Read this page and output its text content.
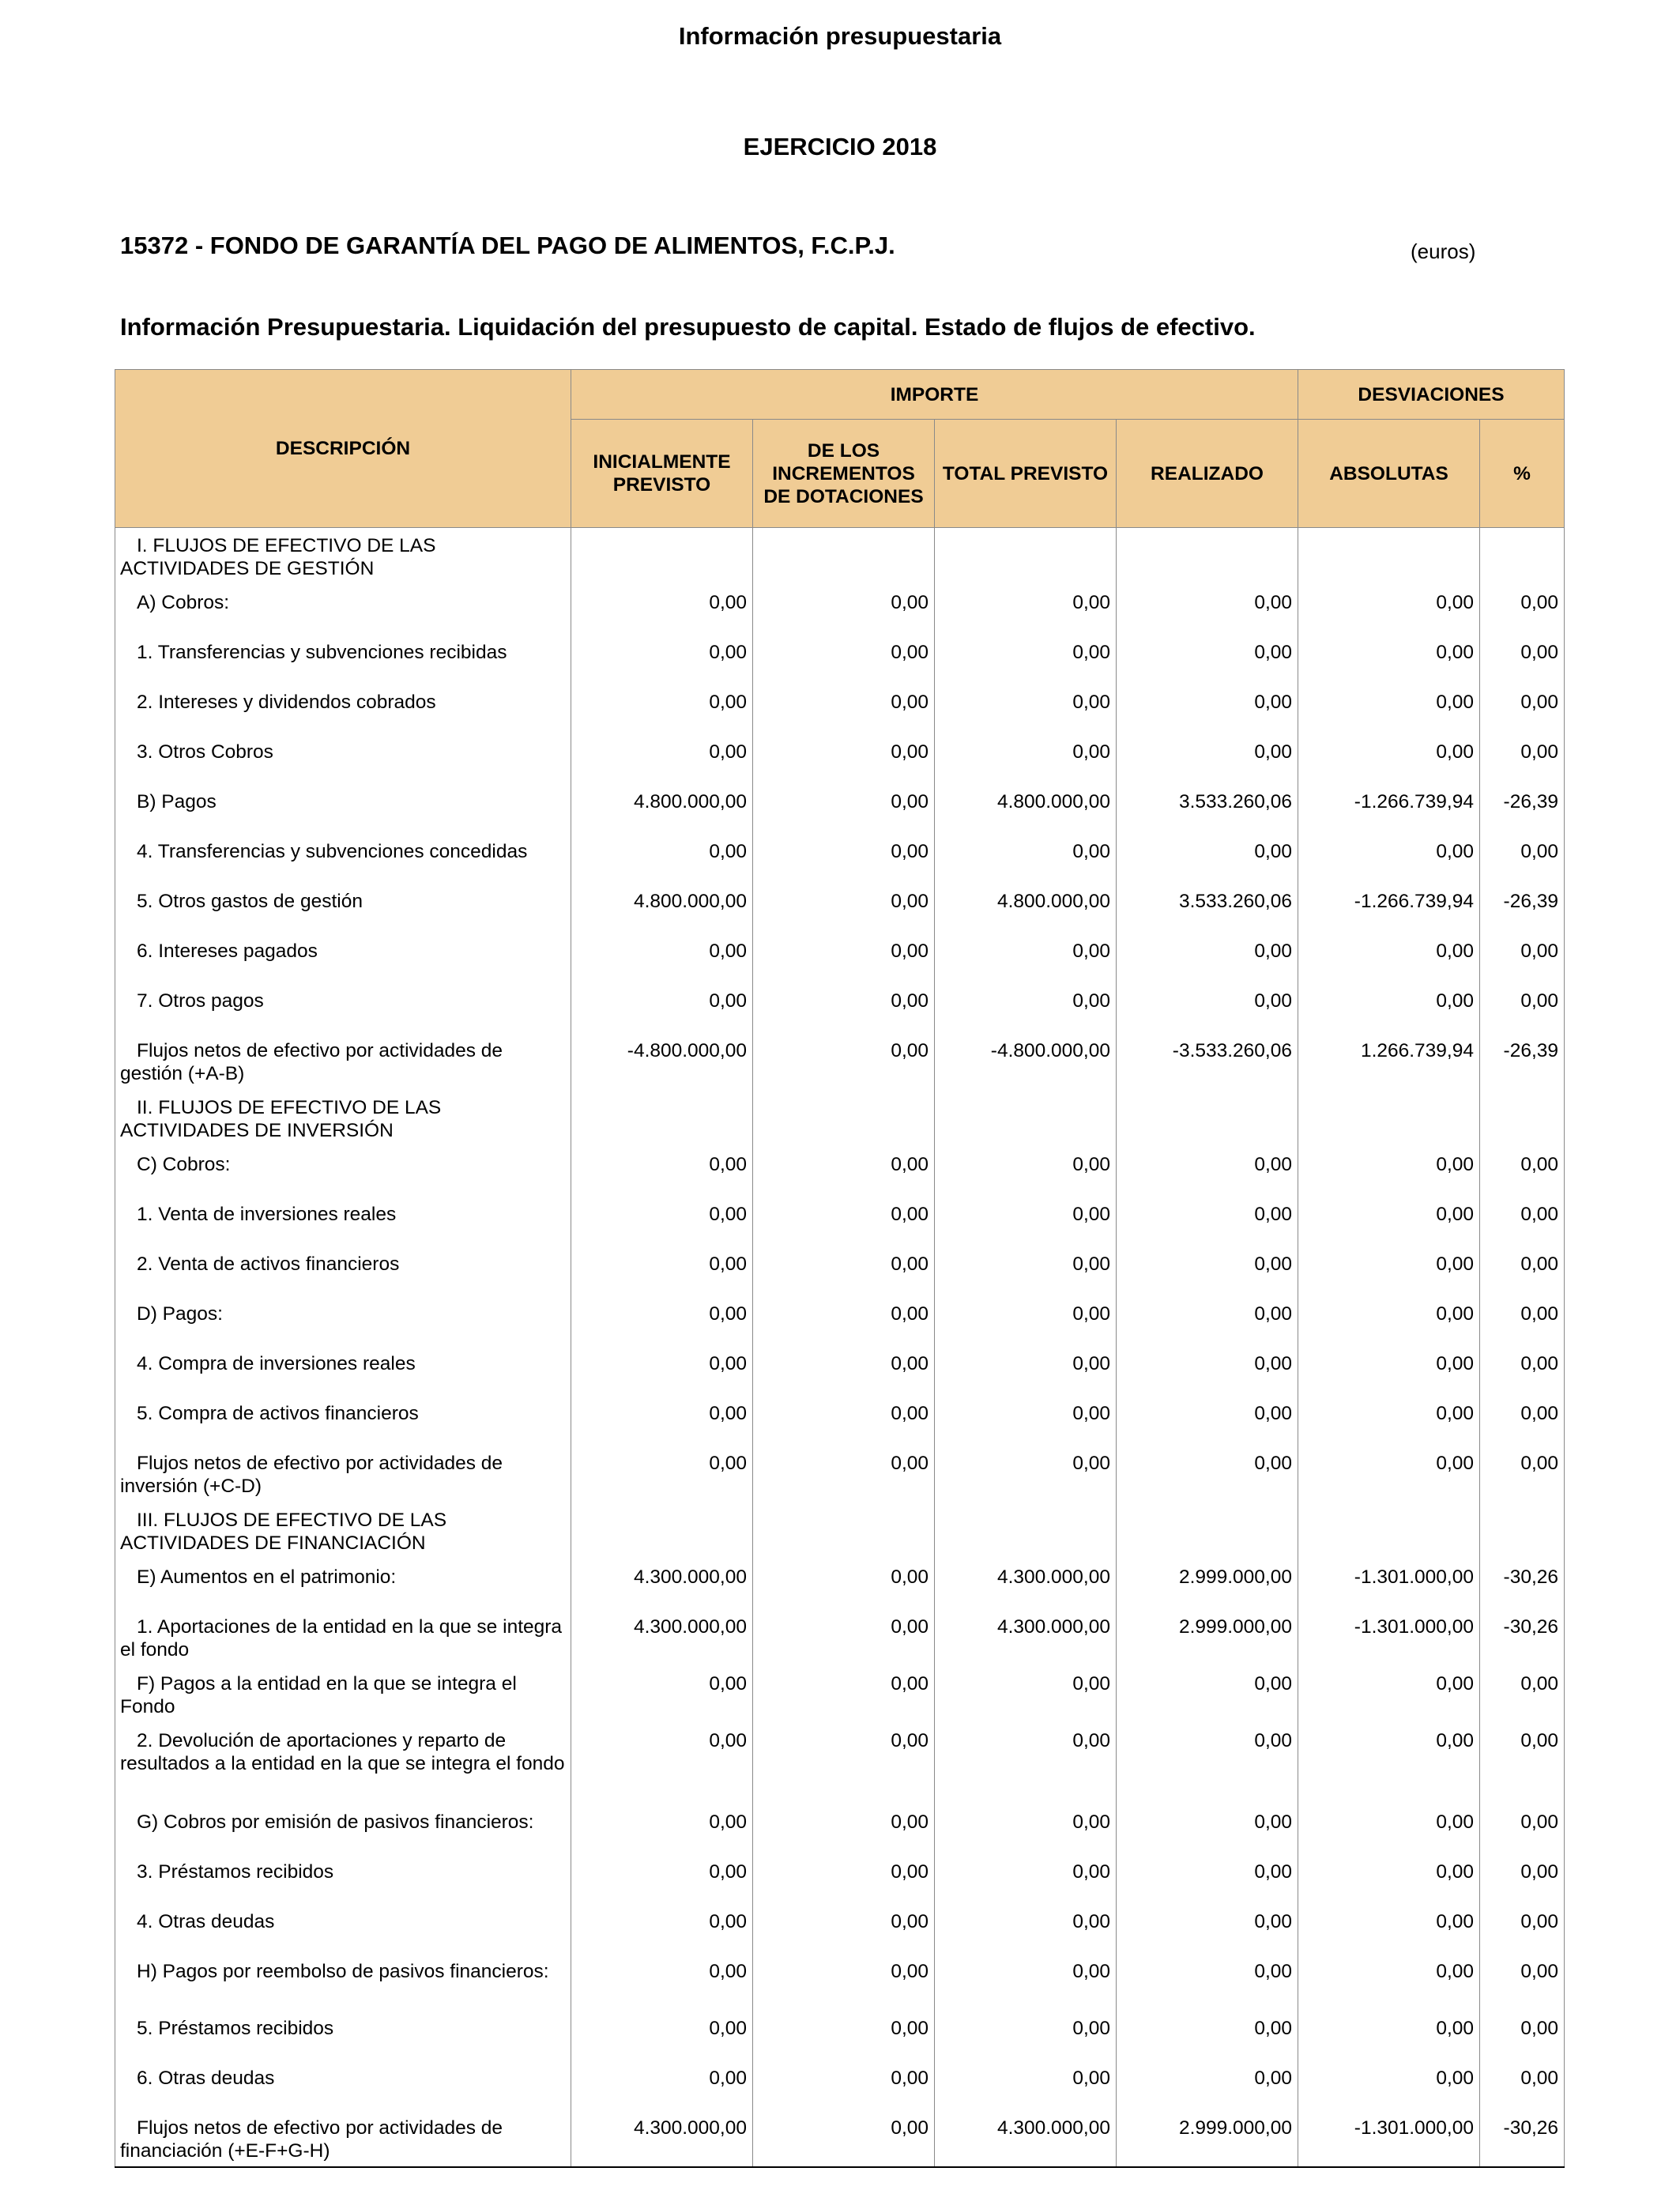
Información presupuestaria
EJERCICIO 2018
15372 - FONDO DE GARANTÍA DEL PAGO DE ALIMENTOS, F.C.P.J.	(euros)
Información Presupuestaria. Liquidación del presupuesto de capital. Estado de flujos de efectivo.
DESCRIPCIÓN	IMPORTE				DESVIACIONES	
	INICIALMENTE PREVISTO	DE LOS INCREMENTOS DE DOTACIONES	TOTAL PREVISTO	REALIZADO	ABSOLUTAS	%
I. FLUJOS DE EFECTIVO DE LAS ACTIVIDADES DE GESTIÓN						
A) Cobros:	0,00	0,00	0,00	0,00	0,00	0,00
1. Transferencias y subvenciones recibidas	0,00	0,00	0,00	0,00	0,00	0,00
2. Intereses y dividendos cobrados	0,00	0,00	0,00	0,00	0,00	0,00
3. Otros Cobros	0,00	0,00	0,00	0,00	0,00	0,00
B) Pagos	4.800.000,00	0,00	4.800.000,00	3.533.260,06	-1.266.739,94	-26,39
4. Transferencias y subvenciones concedidas	0,00	0,00	0,00	0,00	0,00	0,00
5. Otros gastos de gestión	4.800.000,00	0,00	4.800.000,00	3.533.260,06	-1.266.739,94	-26,39
6. Intereses pagados	0,00	0,00	0,00	0,00	0,00	0,00
7. Otros pagos	0,00	0,00	0,00	0,00	0,00	0,00
Flujos netos de efectivo por actividades de gestión (+A-B)	-4.800.000,00	0,00	-4.800.000,00	-3.533.260,06	1.266.739,94	-26,39
II. FLUJOS DE EFECTIVO DE LAS ACTIVIDADES DE INVERSIÓN						
C) Cobros:	0,00	0,00	0,00	0,00	0,00	0,00
1. Venta de inversiones reales	0,00	0,00	0,00	0,00	0,00	0,00
2. Venta de activos financieros	0,00	0,00	0,00	0,00	0,00	0,00
D) Pagos:	0,00	0,00	0,00	0,00	0,00	0,00
4. Compra de inversiones reales	0,00	0,00	0,00	0,00	0,00	0,00
5. Compra de activos financieros	0,00	0,00	0,00	0,00	0,00	0,00
Flujos netos de efectivo por actividades de inversión (+C-D)	0,00	0,00	0,00	0,00	0,00	0,00
III. FLUJOS DE EFECTIVO DE LAS ACTIVIDADES DE FINANCIACIÓN						
E) Aumentos en el patrimonio:	4.300.000,00	0,00	4.300.000,00	2.999.000,00	-1.301.000,00	-30,26
1. Aportaciones de la entidad en la que se integra el fondo	4.300.000,00	0,00	4.300.000,00	2.999.000,00	-1.301.000,00	-30,26
F) Pagos a la entidad en la que se integra el Fondo	0,00	0,00	0,00	0,00	0,00	0,00
2. Devolución de aportaciones y reparto de resultados a la entidad en la que se integra el fondo	0,00	0,00	0,00	0,00	0,00	0,00
G) Cobros por emisión de pasivos financieros:	0,00	0,00	0,00	0,00	0,00	0,00
3. Préstamos recibidos	0,00	0,00	0,00	0,00	0,00	0,00
4. Otras deudas	0,00	0,00	0,00	0,00	0,00	0,00
H) Pagos por reembolso de pasivos financieros:	0,00	0,00	0,00	0,00	0,00	0,00
5. Préstamos recibidos	0,00	0,00	0,00	0,00	0,00	0,00
6. Otras deudas	0,00	0,00	0,00	0,00	0,00	0,00
Flujos netos de efectivo por actividades de financiación (+E-F+G-H)	4.300.000,00	0,00	4.300.000,00	2.999.000,00	-1.301.000,00	-30,26
